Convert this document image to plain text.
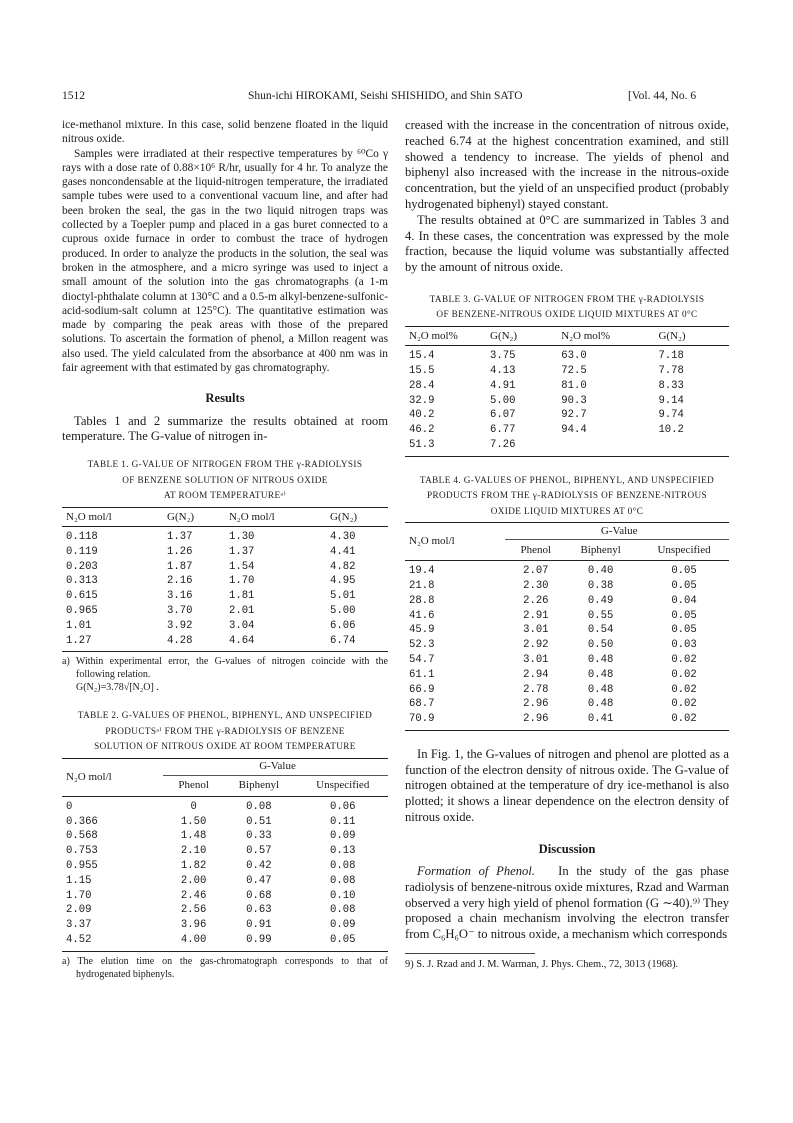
1512	Shun-ichi HIROKAMI, Seishi SHISHIDO, and Shin SATO	[Vol. 44, No. 6

ice-methanol mixture. In this case, solid benzene floated in the liquid nitrous oxide.

Samples were irradiated at their respective temperatures by ⁶⁰Co γ rays with a dose rate of 0.88×10⁶ R/hr, usually for 4 hr. To analyze the gases noncondensable at the liquid-nitrogen temperature, the irradiated sample tubes were used to a conventional vacuum line, and after had been broken the seal, the gas in the two liquid nitrogen traps was collected by a Toepler pump and placed in a gas buret connected to a cuprous oxide furnace in order to combust the trace of hydrogen produced. In order to analyze the products in the solution, the seal was broken in the atmosphere, and a micro syringe was used to inject a small amount of the solution into the gas chromatographs (a 1-m dioctyl-phthalate column at 130°C and a 0.5-m alkyl-benzene-sulfonic-acid-sodium-salt column at 125°C). The quantitative estimation was made by comparing the peak areas with those of the prepared solutions. To ascertain the formation of phenol, a Millon reagent was also used. The yield calculated from the absorbance at 400 nm was in fair agreement with that estimated by gas chromatography.

Results

Tables 1 and 2 summarize the results obtained at room temperature. The G-value of nitrogen in-

TABLE 1. G-VALUE OF NITROGEN FROM THE γ-RADIOLYSIS

OF BENZENE SOLUTION OF NITROUS OXIDE

AT ROOM TEMPERATUREᵃ⁾

N₂O mol/l	G(N₂)	N₂O mol/l	G(N₂)
0.118	1.37	1.30	4.30
0.119	1.26	1.37	4.41
0.203	1.87	1.54	4.82
0.313	2.16	1.70	4.95
0.615	3.16	1.81	5.01
0.965	3.70	2.01	5.00
1.01	3.92	3.04	6.06
1.27	4.28	4.64	6.74

a) Within experimental error, the G-values of nitrogen coincide with the following relation.

G(N₂)=3.78√[N₂O] .

TABLE 2. G-VALUES OF PHENOL, BIPHENYL, AND UNSPECIFIED

PRODUCTSᵃ⁾ FROM THE γ-RADIOLYSIS OF BENZENE

SOLUTION OF NITROUS OXIDE AT ROOM TEMPERATURE

N₂O mol/l	G-Value		
	Phenol	Biphenyl	Unspecified
0	0	0.08	0.06
0.366	1.50	0.51	0.11
0.568	1.48	0.33	0.09
0.753	2.10	0.57	0.13
0.955	1.82	0.42	0.08
1.15	2.00	0.47	0.08
1.70	2.46	0.68	0.10
2.09	2.56	0.63	0.08
3.37	3.96	0.91	0.09
4.52	4.00	0.99	0.05

a) The elution time on the gas-chromatograph corresponds to that of hydrogenated biphenyls.

creased with the increase in the concentration of nitrous oxide, reached 6.74 at the highest concentration examined, and still showed a tendency to increase. The yields of phenol and biphenyl also increased with the increase in the nitrous-oxide concentration, but the yield of an unspecified product (probably hydrogenated biphenyl) stayed constant.

The results obtained at 0°C are summarized in Tables 3 and 4. In these cases, the concentration was expressed by the mole fraction, because the liquid volume was substantially affected by the amount of nitrous oxide.

TABLE 3. G-VALUE OF NITROGEN FROM THE γ-RADIOLYSIS

OF BENZENE-NITROUS OXIDE LIQUID MIXTURES AT 0°C

N₂O mol%	G(N₂)	N₂O mol%	G(N₂)
15.4	3.75	63.0	7.18
15.5	4.13	72.5	7.78
28.4	4.91	81.0	8.33
32.9	5.00	90.3	9.14
40.2	6.07	92.7	9.74
46.2	6.77	94.4	10.2
51.3	7.26		

TABLE 4. G-VALUES OF PHENOL, BIPHENYL, AND UNSPECIFIED

PRODUCTS FROM THE γ-RADIOLYSIS OF BENZENE-NITROUS

OXIDE LIQUID MIXTURES AT 0°C

N₂O mol/l	G-Value		
	Phenol	Biphenyl	Unspecified
19.4	2.07	0.40	0.05
21.8	2.30	0.38	0.05
28.8	2.26	0.49	0.04
41.6	2.91	0.55	0.05
45.9	3.01	0.54	0.05
52.3	2.92	0.50	0.03
54.7	3.01	0.48	0.02
61.1	2.94	0.48	0.02
66.9	2.78	0.48	0.02
68.7	2.96	0.48	0.02
70.9	2.96	0.41	0.02

In Fig. 1, the G-values of nitrogen and phenol are plotted as a function of the electron density of nitrous oxide. The G-value of nitrogen obtained at the temperature of dry ice-methanol is also plotted; it shows a linear dependence on the electron density of nitrous oxide.

Discussion

Formation of Phenol. In the study of the gas phase radiolysis of benzene-nitrous oxide mixtures, Rzad and Warman observed a very high yield of phenol formation (G ∼40).⁹⁾ They proposed a chain mechanism involving the electron transfer from C₆H₆O⁻ to nitrous oxide, a mechanism which corresponds

9) S. J. Rzad and J. M. Warman, J. Phys. Chem., 72, 3013 (1968).
